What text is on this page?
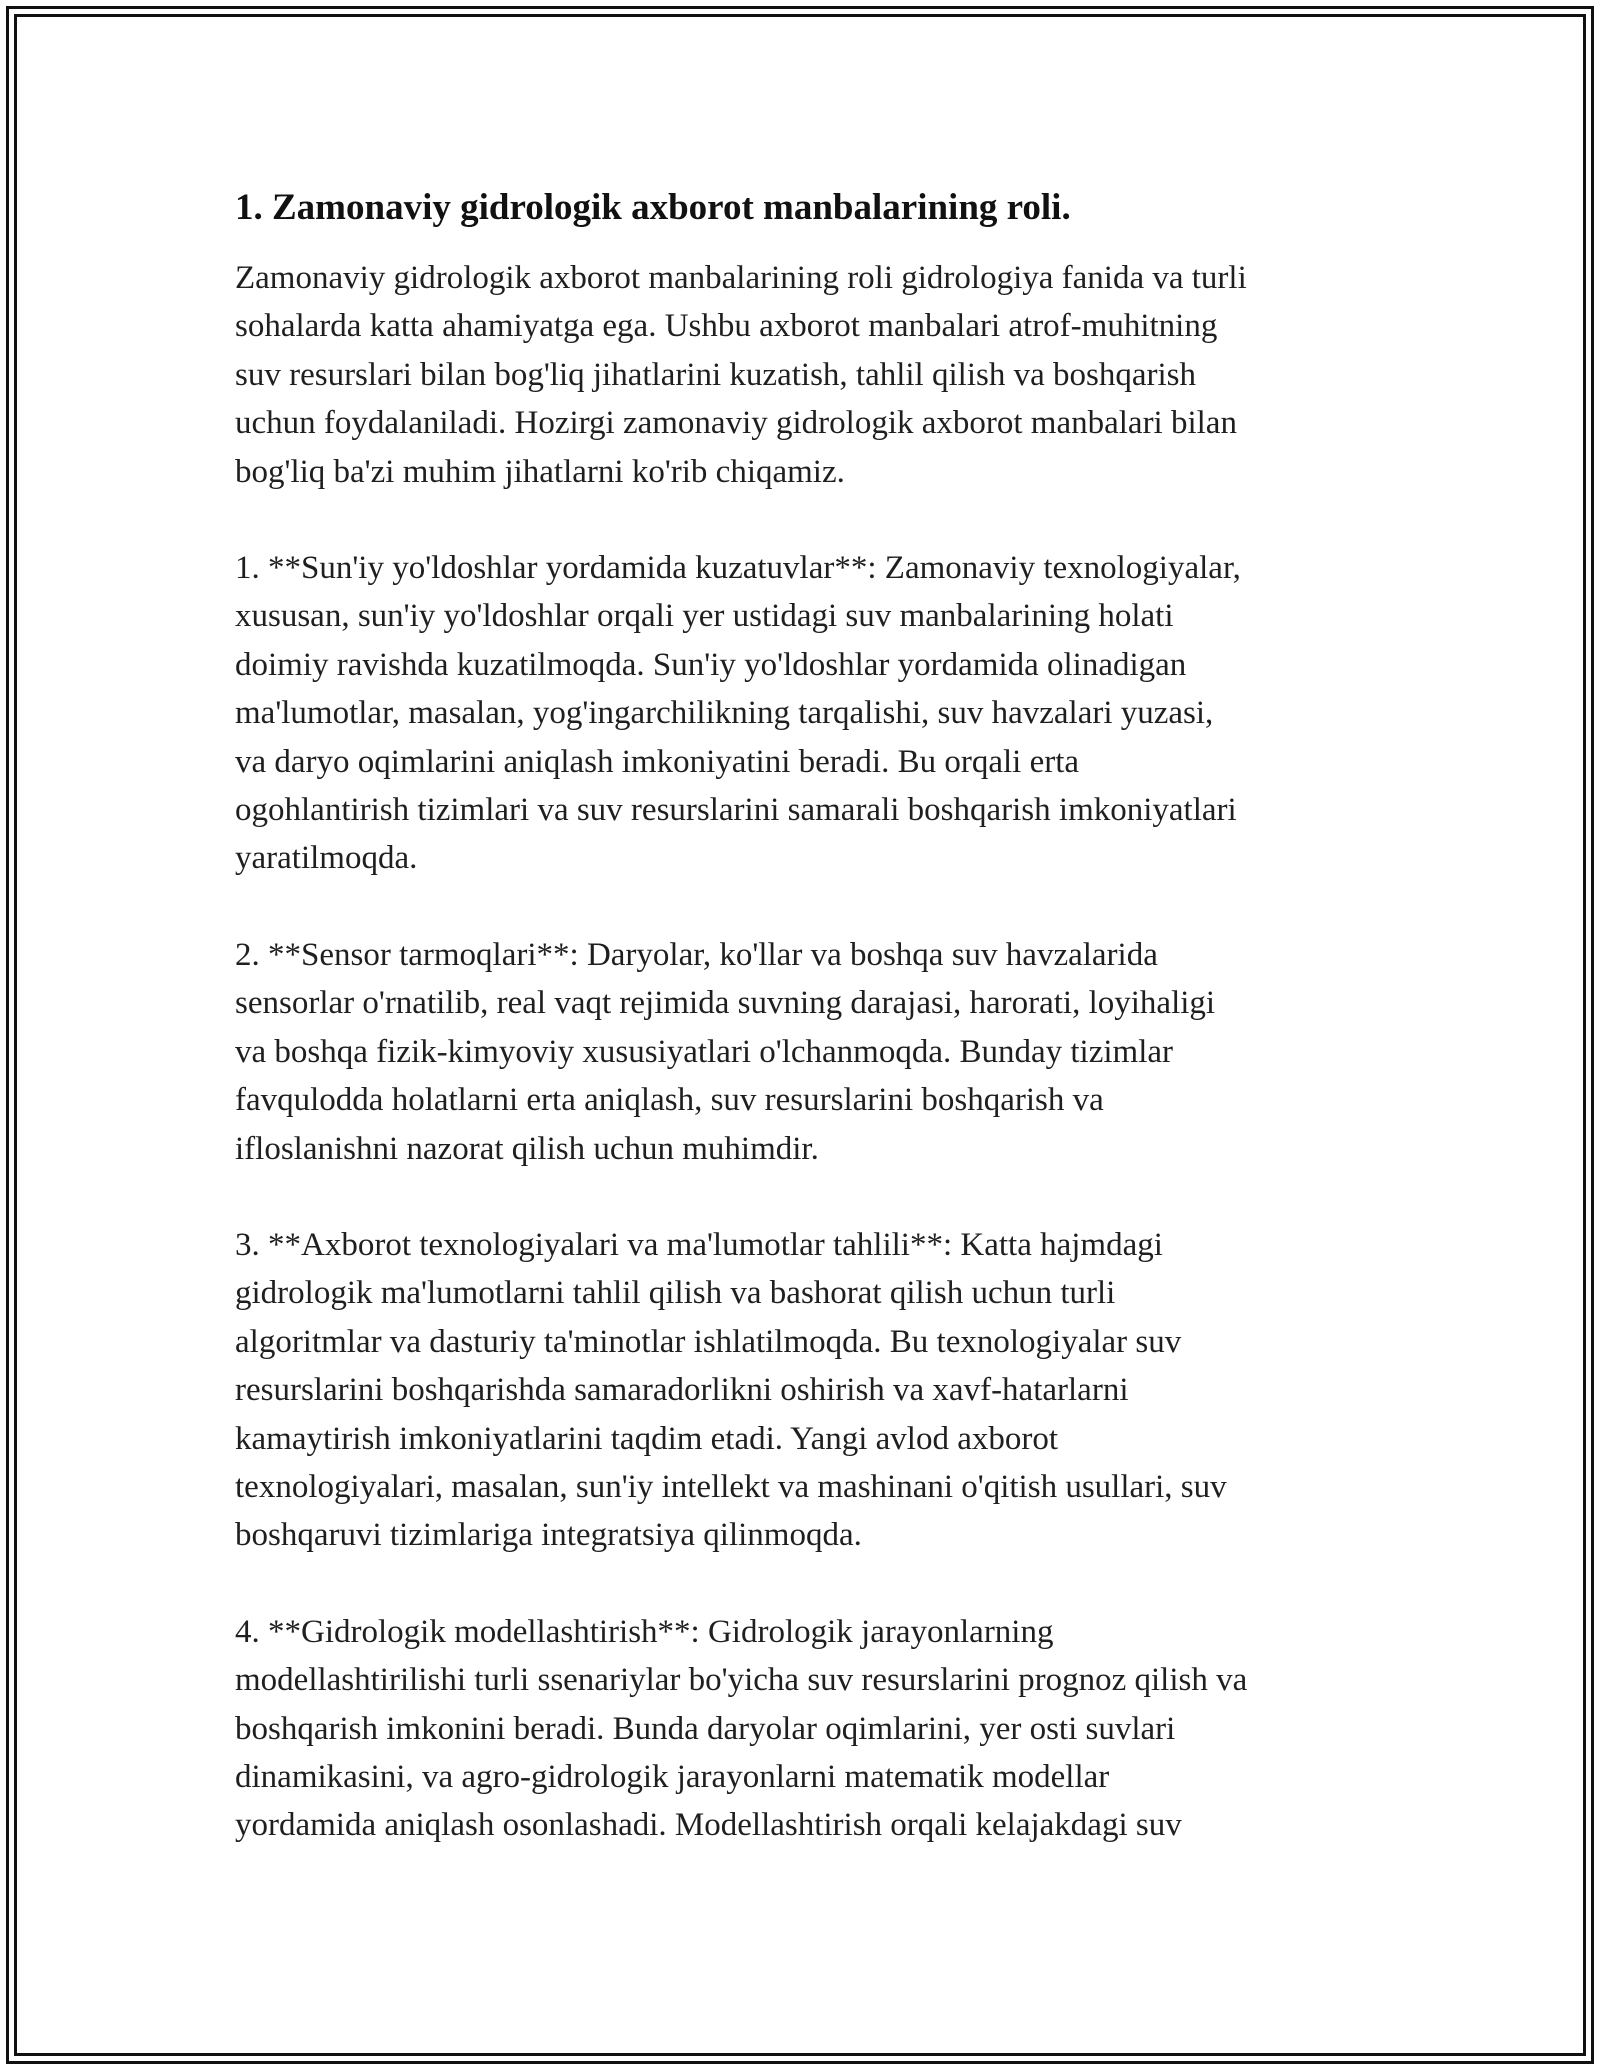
1. Zamonaviy gidrologik axborot manbalarining roli.

Zamonaviy gidrologik axborot manbalarining roli gidrologiya fanida va turli
sohalarda katta ahamiyatga ega. Ushbu axborot manbalari atrof-muhitning
suv resurslari bilan bog'liq jihatlarini kuzatish, tahlil qilish va boshqarish
uchun foydalaniladi. Hozirgi zamonaviy gidrologik axborot manbalari bilan
bog'liq ba'zi muhim jihatlarni ko'rib chiqamiz.

1. **Sun'iy yo'ldoshlar yordamida kuzatuvlar**: Zamonaviy texnologiyalar,
xususan, sun'iy yo'ldoshlar orqali yer ustidagi suv manbalarining holati
doimiy ravishda kuzatilmoqda. Sun'iy yo'ldoshlar yordamida olinadigan
ma'lumotlar, masalan, yog'ingarchilikning tarqalishi, suv havzalari yuzasi,
va daryo oqimlarini aniqlash imkoniyatini beradi. Bu orqali erta
ogohlantirish tizimlari va suv resurslarini samarali boshqarish imkoniyatlari
yaratilmoqda.

2. **Sensor tarmoqlari**: Daryolar, ko'llar va boshqa suv havzalarida
sensorlar o'rnatilib, real vaqt rejimida suvning darajasi, harorati, loyihaligi
va boshqa fizik-kimyoviy xususiyatlari o'lchanmoqda. Bunday tizimlar
favqulodda holatlarni erta aniqlash, suv resurslarini boshqarish va
ifloslanishni nazorat qilish uchun muhimdir.

3. **Axborot texnologiyalari va ma'lumotlar tahlili**: Katta hajmdagi
gidrologik ma'lumotlarni tahlil qilish va bashorat qilish uchun turli
algoritmlar va dasturiy ta'minotlar ishlatilmoqda. Bu texnologiyalar suv
resurslarini boshqarishda samaradorlikni oshirish va xavf-hatarlarni
kamaytirish imkoniyatlarini taqdim etadi. Yangi avlod axborot
texnologiyalari, masalan, sun'iy intellekt va mashinani o'qitish usullari, suv
boshqaruvi tizimlariga integratsiya qilinmoqda.

4. **Gidrologik modellashtirish**: Gidrologik jarayonlarning
modellashtirilishi turli ssenariylar bo'yicha suv resurslarini prognoz qilish va
boshqarish imkonini beradi. Bunda daryolar oqimlarini, yer osti suvlari
dinamikasini, va agro-gidrologik jarayonlarni matematik modellar
yordamida aniqlash osonlashadi. Modellashtirish orqali kelajakdagi suv
